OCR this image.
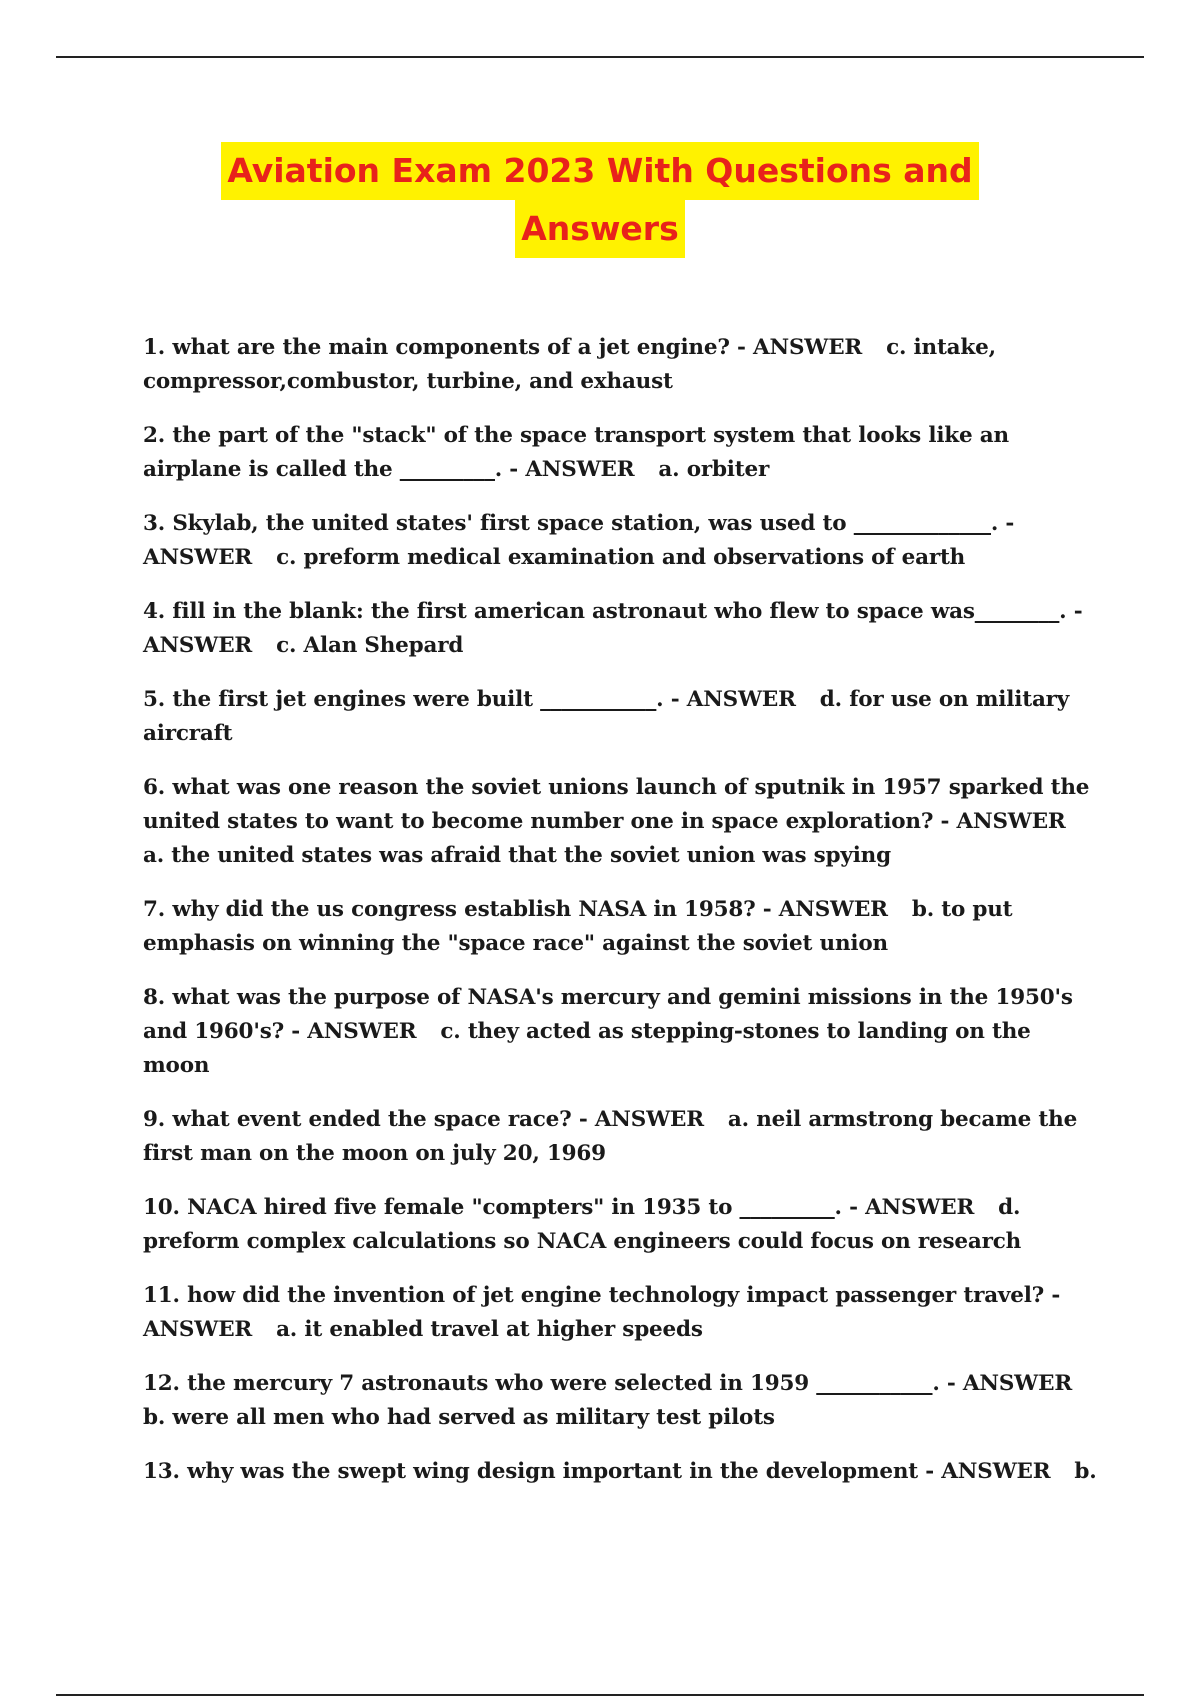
Aviation Exam 2023 With Questions and
Answers

1. what are the main components of a jet engine? - ANSWER c. intake, compressor,combustor, turbine, and exhaust

2. the part of the "stack" of the space transport system that looks like an airplane is called the _________. - ANSWER a. orbiter

3. Skylab, the united states' first space station, was used to _____________. - ANSWER c. preform medical examination and observations of earth

4. fill in the blank: the first american astronaut who flew to space was________. - ANSWER c. Alan Shepard

5. the first jet engines were built ___________. - ANSWER d. for use on military aircraft

6. what was one reason the soviet unions launch of sputnik in 1957 sparked the united states to want to become number one in space exploration? - ANSWERa. the united states was afraid that the soviet union was spying

7. why did the us congress establish NASA in 1958? - ANSWER b. to put emphasis on winning the "space race" against the soviet union

8. what was the purpose of NASA's mercury and gemini missions in the 1950's and 1960's? - ANSWER c. they acted as stepping-stones to landing on the moon

9. what event ended the space race? - ANSWER a. neil armstrong became the first man on the moon on july 20, 1969

10. NACA hired five female "compters" in 1935 to _________. - ANSWER d. preform complex calculations so NACA engineers could focus on research

11. how did the invention of jet engine technology impact passenger travel? - ANSWER a. it enabled travel at higher speeds

12. the mercury 7 astronauts who were selected in 1959 ___________. - ANSWERb. were all men who had served as military test pilots

13. why was the swept wing design important in the development - ANSWER b.
